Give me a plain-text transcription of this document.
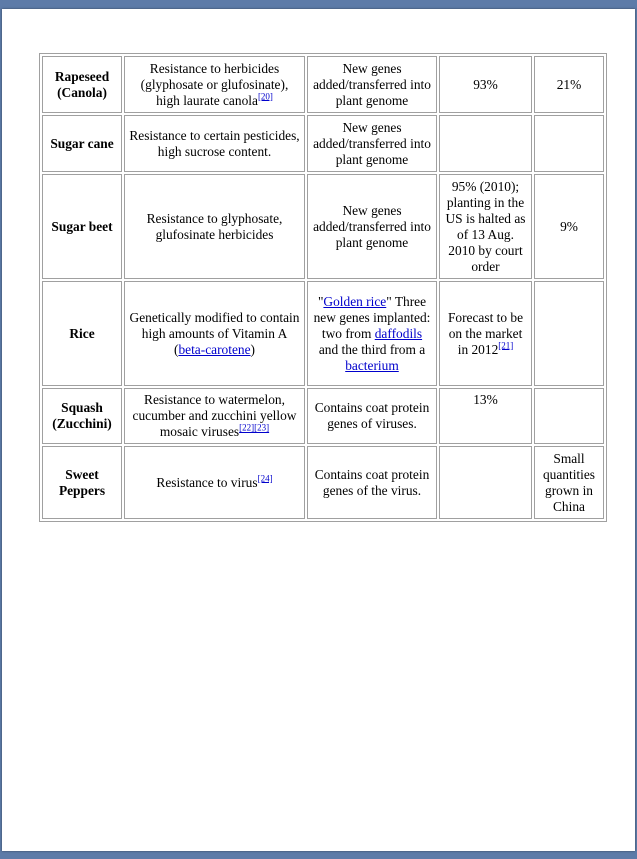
Rapeseed
(Canola)	Resistance to herbicides (glyphosate or glufosinate), high laurate canola[20]	New genes added/transferred into plant genome	93%	21%
Sugar cane	Resistance to certain pesticides, high sucrose content.	New genes added/transferred into plant genome		
Sugar beet	Resistance to glyphosate, glufosinate herbicides	New genes added/transferred into plant genome	95% (2010); planting in the US is halted as of 13 Aug. 2010 by court order	9%
Rice	Genetically modified to contain high amounts of Vitamin A (beta-carotene)	"Golden rice" Three new genes implanted: two from daffodils and the third from a bacterium	Forecast to be on the market in 2012[21]	
Squash
(Zucchini)	Resistance to watermelon, cucumber and zucchini yellow mosaic viruses[22][23]	Contains coat protein genes of viruses.	13%	
Sweet
Peppers	Resistance to virus[24]	Contains coat protein genes of the virus.		Small quantities grown in China
